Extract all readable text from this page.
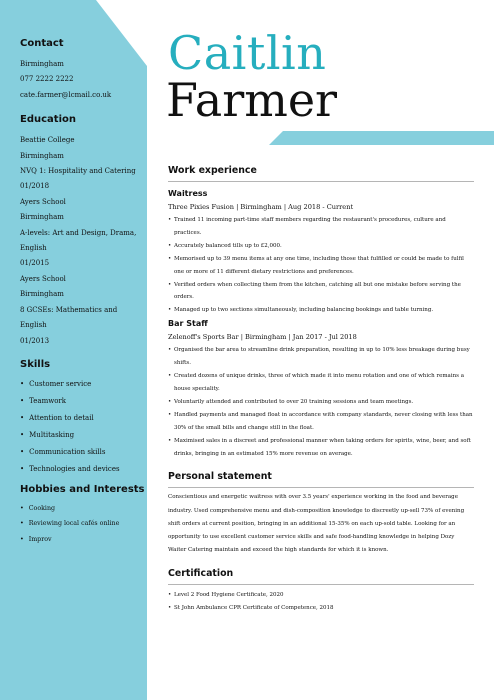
Contact
Birmingham
077 2222 2222
cate.farmer@lcmail.co.uk
Education
Beattie College
Birmingham
NVQ 1: Hospitality and Catering
01/2018
Ayers School
Birmingham
A-levels: Art and Design, Drama,
English
01/2015
Ayers School
Birmingham
8 GCSEs: Mathematics and
English
01/2013
Skills
• Customer service
• Teamwork
• Attention to detail
• Multitasking
• Communication skills
• Technologies and devices
Hobbies and Interests
• Cooking
• Reviewing local cafés online
• Improv
Caitlin
Farmer
Work experience
Waitress
Three Pixies Fusion | Birmingham | Aug 2018 - Current
• Trained 11 incoming part-time staff members regarding the restaurant's procedures, culture and practices.
• Accurately balanced tills up to £2,000.
• Memorised up to 39 menu items at any one time, including those that fulfilled or could be made to fulfil one or more of 11 different dietary restrictions and preferences.
• Verified orders when collecting them from the kitchen, catching all but one mistake before serving the orders.
• Managed up to two sections simultaneously, including balancing bookings and table turning.
Bar Staff
Zelenoff's Sports Bar | Birmingham | Jan 2017 - Jul 2018
• Organised the bar area to streamline drink preparation, resulting in up to 10% less breakage during busy shifts.
• Created dozens of unique drinks, three of which made it into menu rotation and one of which remains a house speciality.
• Voluntarily attended and contributed to over 20 training sessions and team meetings.
• Handled payments and managed float in accordance with company standards, never closing with less than 30% of the small bills and change still in the float.
• Maximised sales in a discreet and professional manner when taking orders for spirits, wine, beer, and soft drinks, bringing in an estimated 15% more revenue on average.
Personal statement

Conscientious and energetic waitress with over 3.5 years' experience working in the food and beverage industry. Used comprehensive menu and dish-composition knowledge to discreetly up-sell 73% of evening shift orders at current position, bringing in an additional 15-35% on each up-sold table. Looking for an opportunity to use excellent customer service skills and safe food-handling knowledge in helping Dozy Waiter Catering maintain and exceed the high standards for which it is known.

Certification
• Level 2 Food Hygiene Certificate, 2020
• St John Ambulance CPR Certificate of Competence, 2018
